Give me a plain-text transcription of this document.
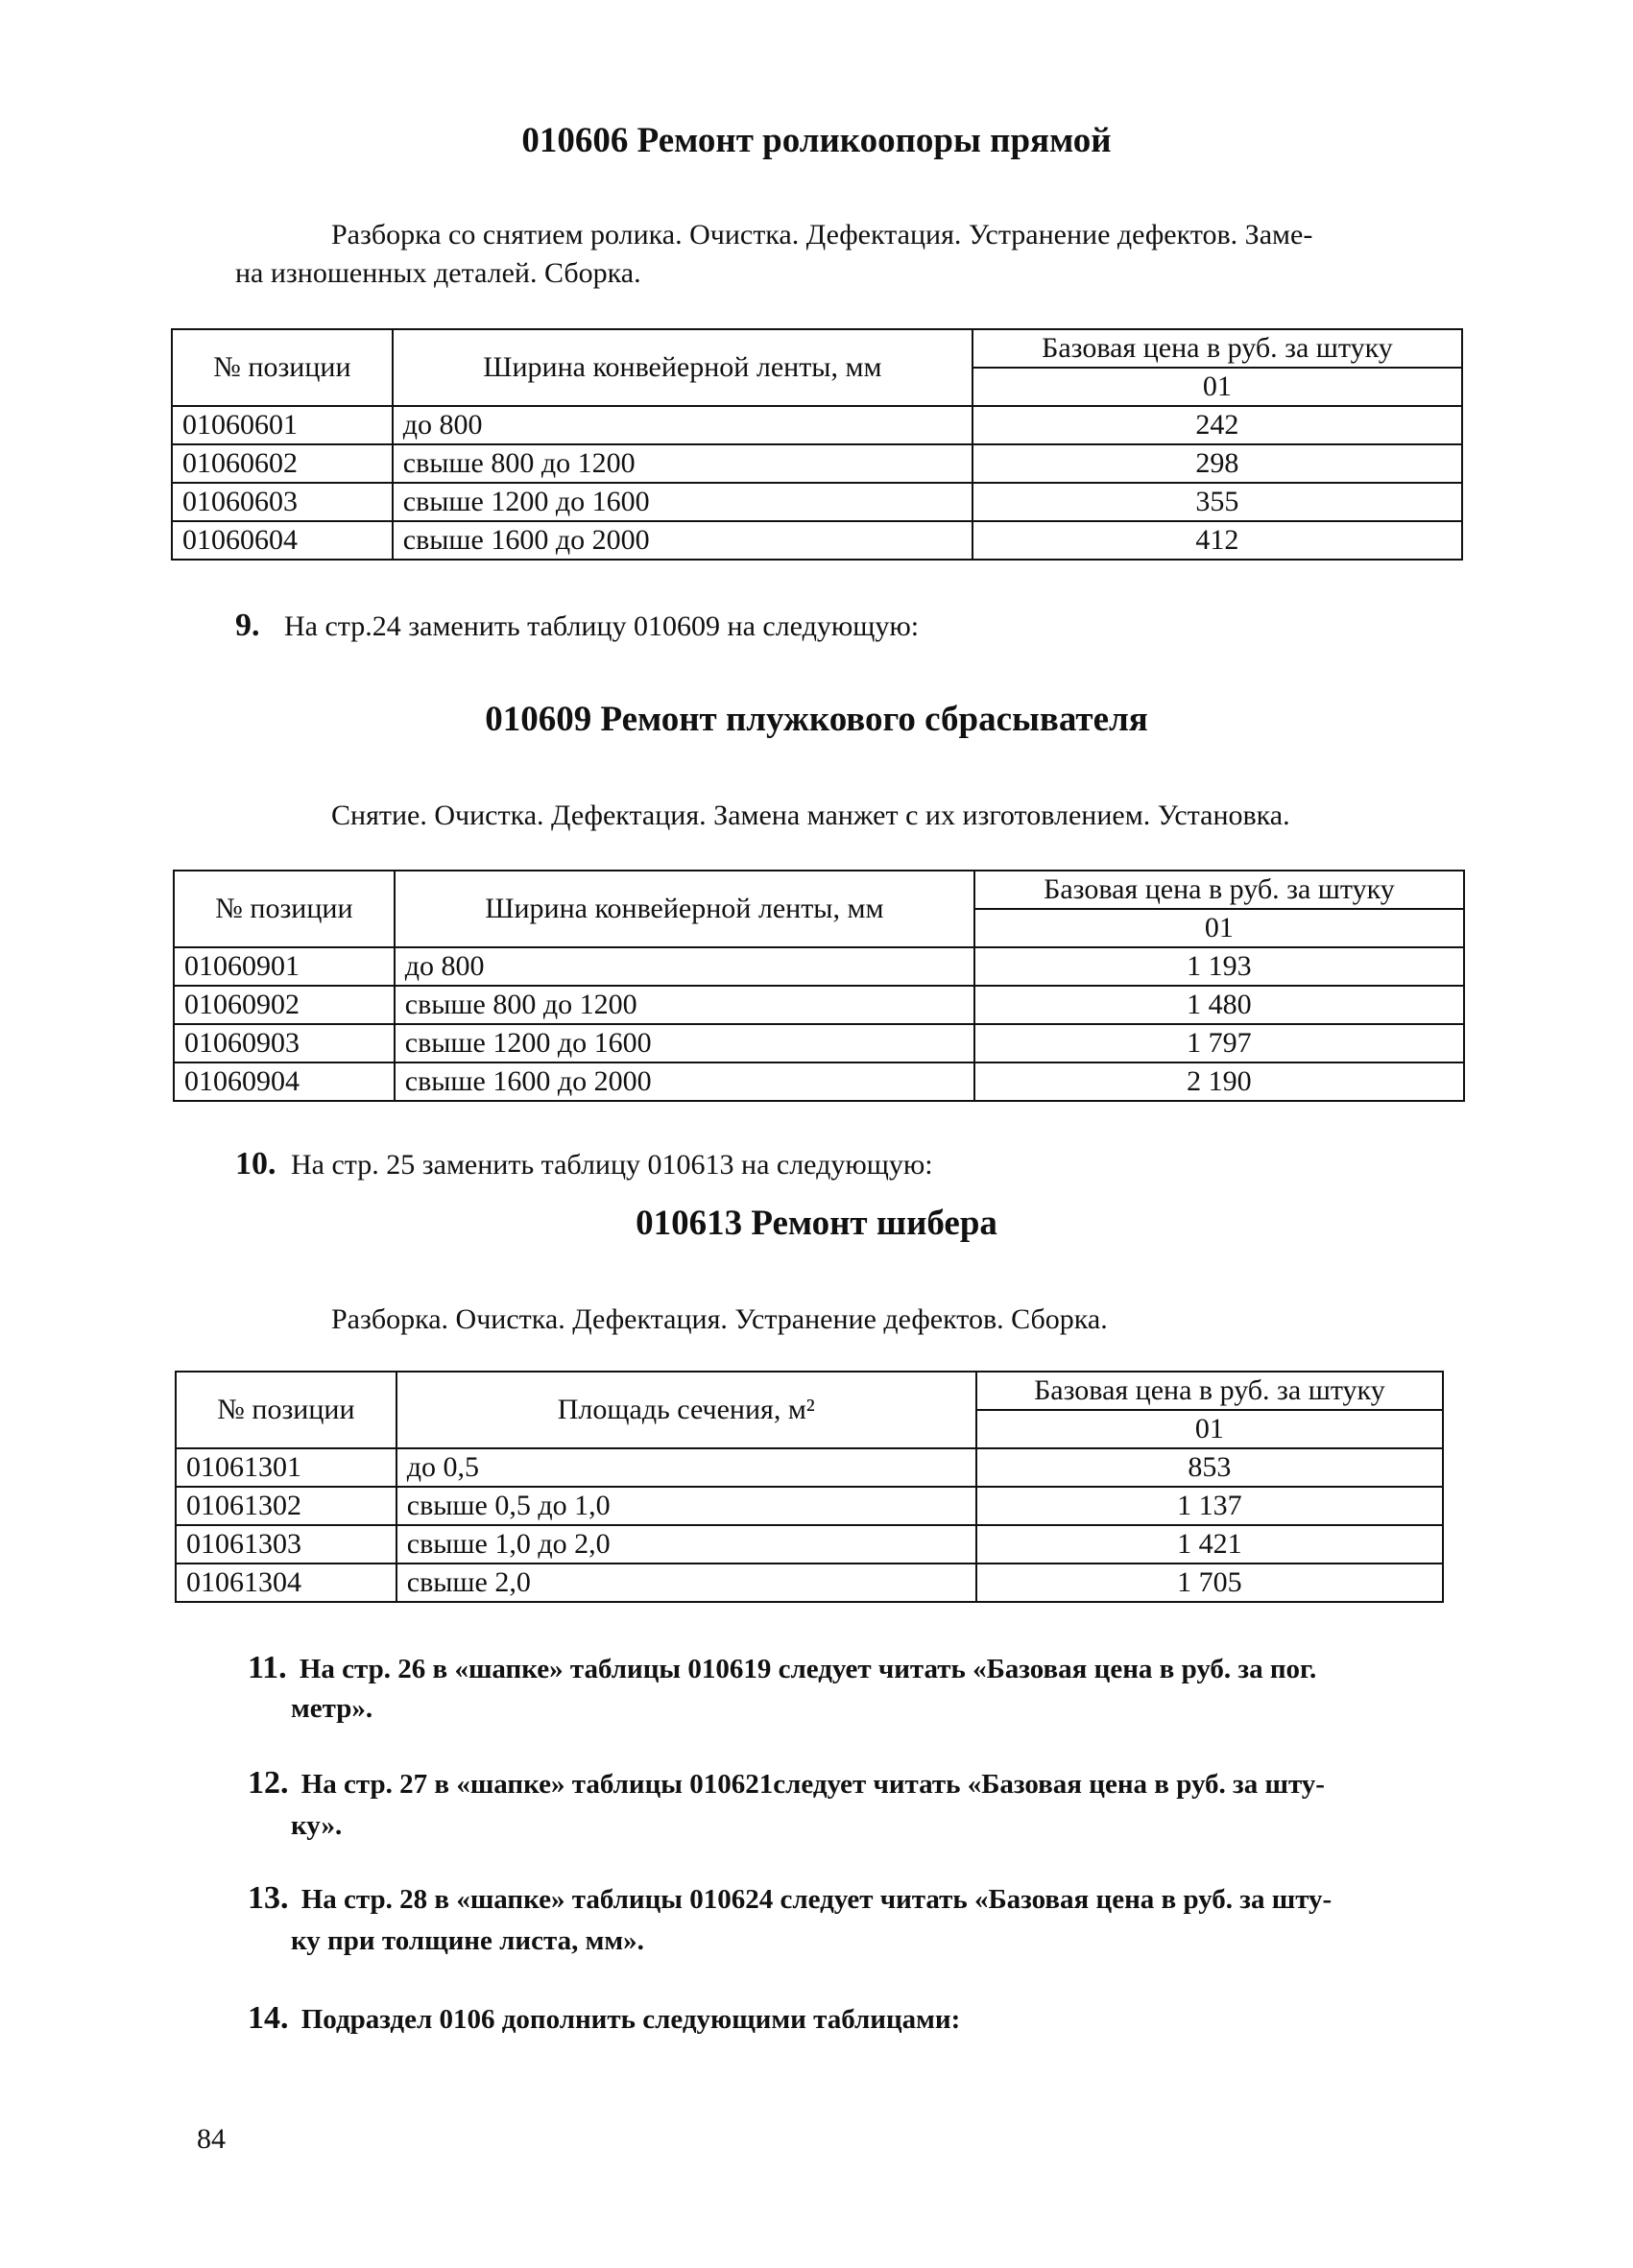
010606 Ремонт роликоопоры прямой
Разборка со снятием ролика. Очистка. Дефектация. Устранение дефектов. Заме-
на изношенных деталей. Сборка.
№ позиции	Ширина конвейерной ленты, мм	Базовая цена в руб. за штуку
		01
01060601	до 800	242
01060602	свыше 800 до 1200	298
01060603	свыше 1200 до 1600	355
01060604	свыше 1600 до 2000	412
9. На стр.24 заменить таблицу 010609 на следующую:
010609 Ремонт плужкового сбрасывателя
Снятие. Очистка. Дефектация. Замена манжет с их изготовлением. Установка.
№ позиции	Ширина конвейерной ленты, мм	Базовая цена в руб. за штуку
		01
01060901	до 800	1 193
01060902	свыше 800 до 1200	1 480
01060903	свыше 1200 до 1600	1 797
01060904	свыше 1600 до 2000	2 190
10. На стр. 25 заменить таблицу 010613 на следующую:
010613 Ремонт шибера
Разборка. Очистка. Дефектация. Устранение дефектов. Сборка.
№ позиции	Площадь сечения, м²	Базовая цена в руб. за штуку
		01
01061301	до 0,5	853
01061302	свыше 0,5 до 1,0	1 137
01061303	свыше 1,0 до 2,0	1 421
01061304	свыше 2,0	1 705
11. На стр. 26 в «шапке» таблицы 010619 следует читать «Базовая цена в руб. за пог.
метр».
12. На стр. 27 в «шапке» таблицы 010621следует читать «Базовая цена в руб. за шту-
ку».
13. На стр. 28 в «шапке» таблицы 010624 следует читать «Базовая цена в руб. за шту-
ку при толщине листа, мм».
14. Подраздел 0106 дополнить следующими таблицами:
84
